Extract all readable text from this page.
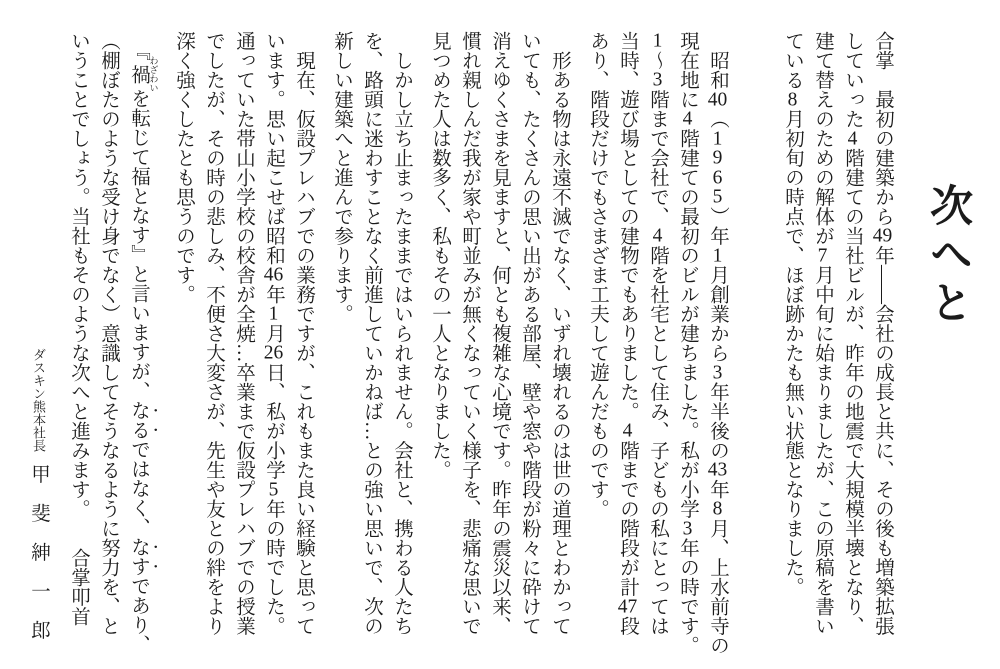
次へと

合掌　最初の建築から49年――会社の成長と共に、その後も増築拡張
していった4階建ての当社ビルが、昨年の地震で大規模半壊となり、
建て替えのための解体が7月中旬に始まりましたが、この原稿を書い
ている8月初旬の時点で、ほぼ跡かたも無い状態となりました。

　昭和40（1965）年1月創業から3年半後の43年8月、上水前寺の
現在地に4階建ての最初のビルが建ちました。私が小学3年の時です。
1～3階まで会社で、4階を社宅として住み、子どもの私にとっては
当時、遊び場としての建物でもありました。4階までの階段が計47段
あり、階段だけでもさまざま工夫して遊んだものです。

　形ある物は永遠不滅でなく、いずれ壊れるのは世の道理とわかって
いても、たくさんの思い出がある部屋、壁や窓や階段が粉々に砕けて
消えゆくさまを見ますと、何とも複雑な心境です。昨年の震災以来、
慣れ親しんだ我が家や町並みが無くなっていく様子を、悲痛な思いで
見つめた人は数多く、私もその一人となりました。

　しかし立ち止まったままではいられません。会社と、携わる人たち
を、路頭に迷わすことなく前進していかねば…との強い思いで、次の
新しい建築へと進んで参ります。

　現在、仮設プレハブでの業務ですが、これもまた良い経験と思って
います。思い起こせば昭和46年1月26日、私が小学5年の時でした。
通っていた帯山小学校の校舎が全焼…卒業まで仮設プレハブでの授業
でしたが、その時の悲しみ、不便さ大変さが、先生や友との絆をより
深く強くしたとも思うのです。

　『禍 わざわいを転じて福となす』と言いますが、なるではなく、なすであり、
（棚ぼたのような受け身でなく）意識してそうなるように努力を、と
いうことでしょう。当社もそのような次へと進みます。　　合掌叩首

ダスキン熊本社長甲　斐　紳　一　郎
